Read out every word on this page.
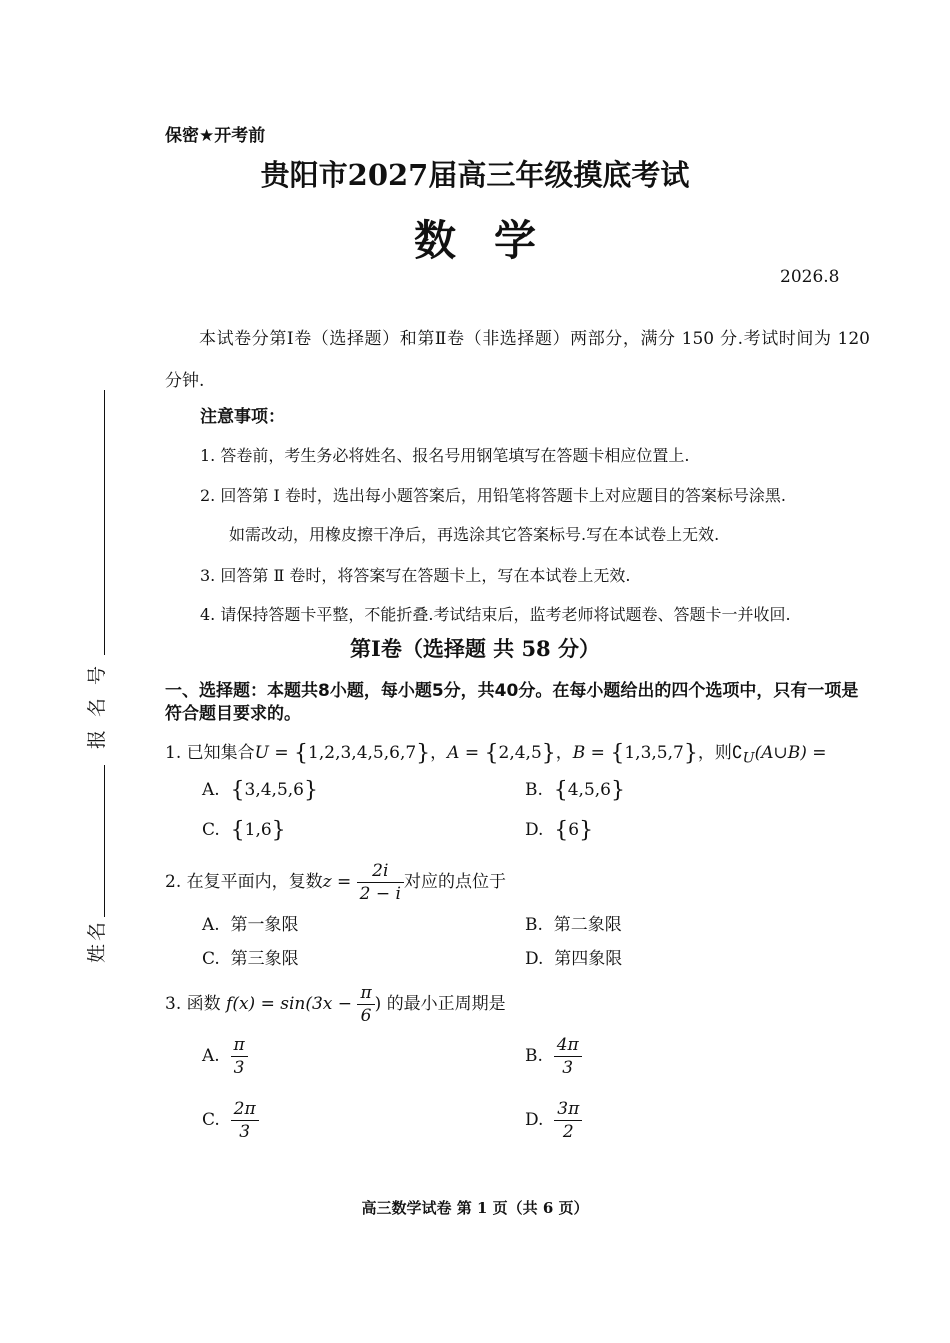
保密★开考前
贵阳市2027届高三年级摸底考试
数学
2026.8
本试卷分第Ⅰ卷（选择题）和第Ⅱ卷（非选择题）两部分，满分 150 分.考试时间为 120 分钟.
注意事项：
1. 答卷前，考生务必将姓名、报名号用钢笔填写在答题卡相应位置上.
2. 回答第 Ⅰ 卷时，选出每小题答案后，用铅笔将答题卡上对应题目的答案标号涂黑.
如需改动，用橡皮擦干净后，再选涂其它答案标号.写在本试卷上无效.
3. 回答第 Ⅱ 卷时，将答案写在答题卡上，写在本试卷上无效.
4. 请保持答题卡平整，不能折叠.考试结束后，监考老师将试题卷、答题卡一并收回.
第Ⅰ卷（选择题 共 58 分）
一、选择题：本题共8小题，每小题5分，共40分。在每小题给出的四个选项中，只有一项是符合题目要求的。
1. 已知集合U = {1,2,3,4,5,6,7}，A = {2,4,5}，B = {1,3,5,7}，则$∁_U(A\cup B)$ =
A. {3,4,5,6}	B. {4,5,6}
C. {1,6}	D. {6}
2. 在复平面内，复数$z = \frac{2i}{2 - i}$ 对应的点位于
A. 第一象限	B. 第二象限
C. 第三象限	D. 第四象限
3. 函数 $f(x) = \sin(3x - \frac{\pi}{6}$ ) 的最小正周期是
A. $\frac{\pi}{3}$	B. $\frac{4\pi}{3}$
C. $\frac{2\pi}{3}$	D. $\frac{3\pi}{2}$
号
名
报
名
姓
高三数学试卷 第 1 页（共 6 页）
